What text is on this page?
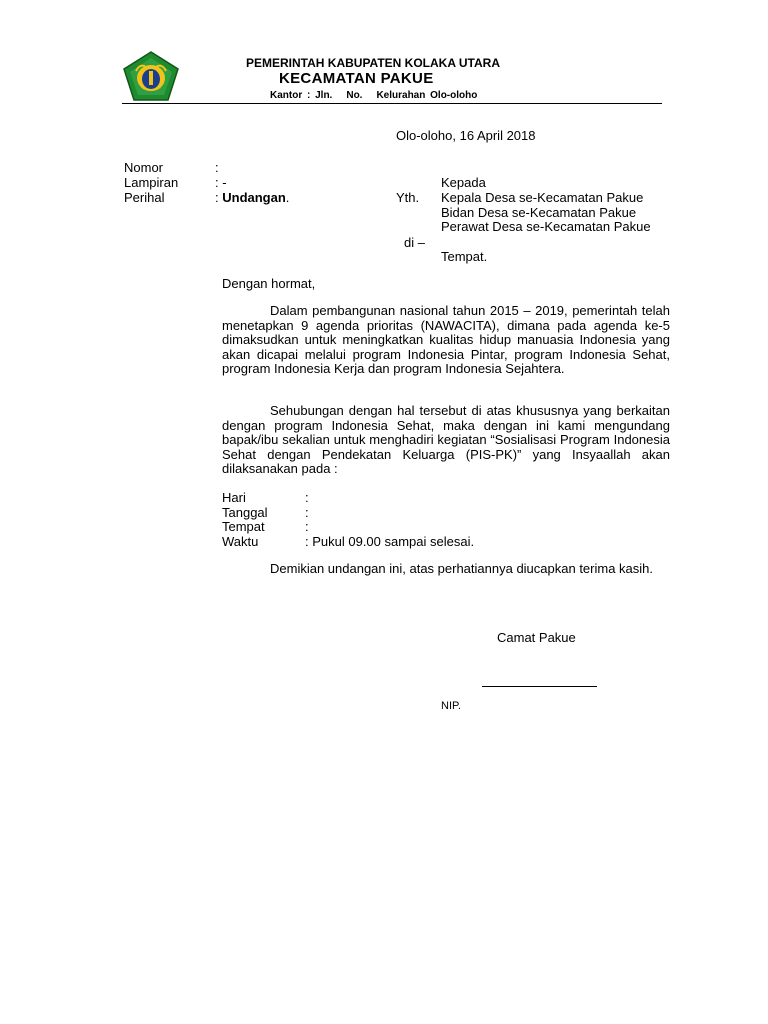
PEMERINTAH KABUPATEN KOLAKA UTARA
KECAMATAN PAKUE
Kantor : Jln. No. Kelurahan Olo-oloho
Olo-oloho, 16 April 2018
Nomor	:
Lampiran	: -
Perihal	: Undangan.
Kepada
Yth. Kepala Desa se-Kecamatan Pakue
Bidan Desa se-Kecamatan Pakue
Perawat Desa se-Kecamatan Pakue
di –
Tempat.
Dengan hormat,
Dalam pembangunan nasional tahun 2015 – 2019, pemerintah telah menetapkan 9 agenda prioritas (NAWACITA), dimana pada agenda ke-5 dimaksudkan untuk meningkatkan kualitas hidup manuasia Indonesia yang akan dicapai melalui program Indonesia Pintar, program Indonesia Sehat, program Indonesia Kerja dan program Indonesia Sejahtera.
Sehubungan dengan hal tersebut di atas khususnya yang berkaitan dengan program Indonesia Sehat, maka dengan ini kami mengundang bapak/ibu sekalian untuk menghadiri kegiatan “Sosialisasi Program Indonesia Sehat dengan Pendekatan Keluarga (PIS-PK)” yang Insyaallah akan dilaksanakan pada :
Hari	:
Tanggal	:
Tempat	:
Waktu	: Pukul 09.00 sampai selesai.
Demikian undangan ini, atas perhatiannya diucapkan terima kasih.
Camat Pakue
NIP.
